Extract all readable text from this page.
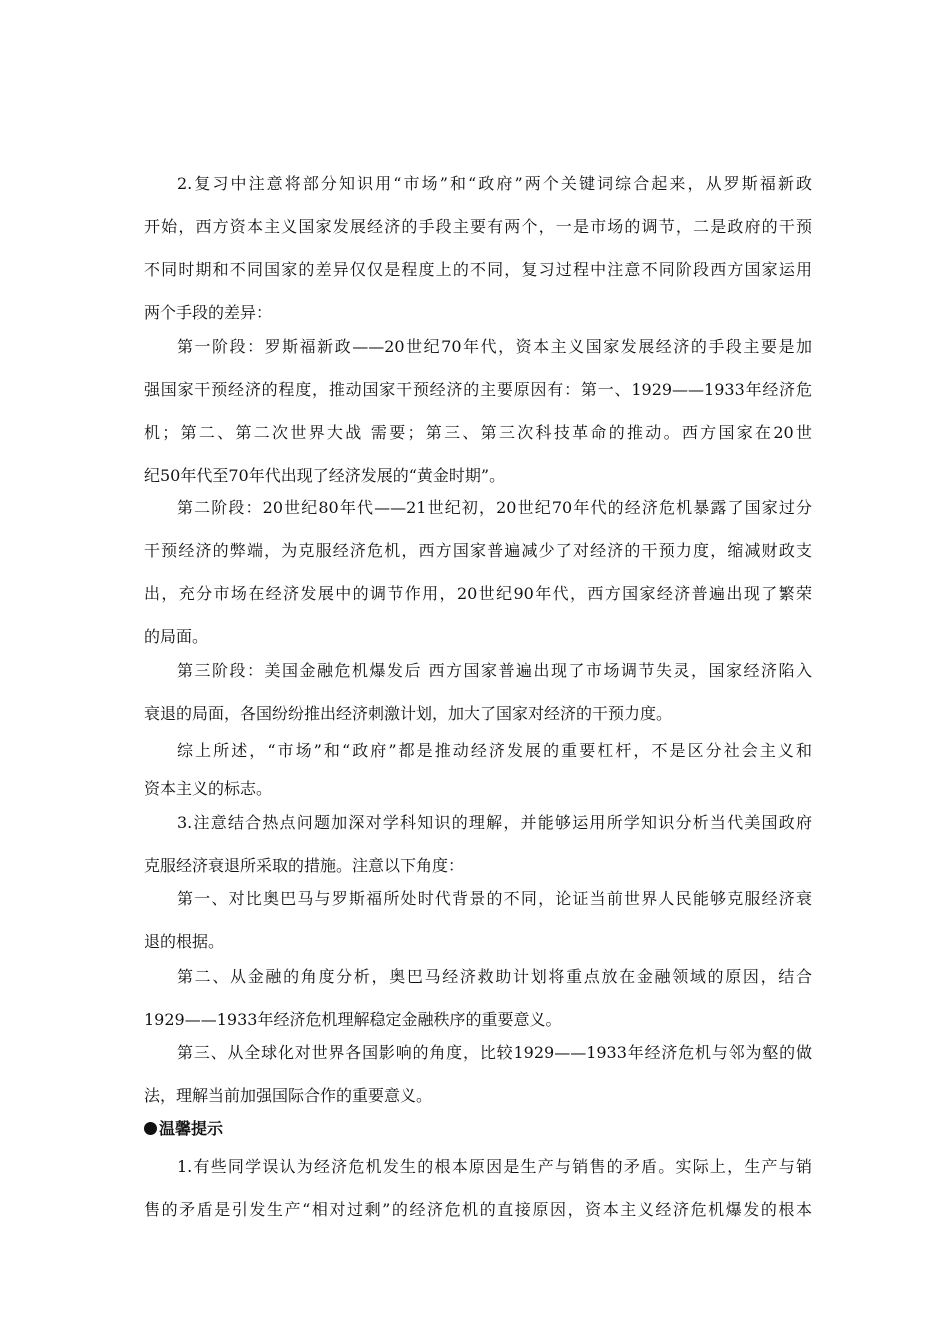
2.复习中注意将部分知识用“市场”和“政府”两个关键词综合起来，从罗斯福新政
开始，西方资本主义国家发展经济的手段主要有两个，一是市场的调节，二是政府的干预
不同时期和不同国家的差异仅仅是程度上的不同，复习过程中注意不同阶段西方国家运用
两个手段的差异：
第一阶段：罗斯福新政——20世纪70年代，资本主义国家发展经济的手段主要是加
强国家干预经济的程度，推动国家干预经济的主要原因有：第一、1929——1933年经济危
机；第二、第二次世界大战 需要；第三、第三次科技革命的推动。西方国家在20世
纪50年代至70年代出现了经济发展的“黄金时期”。
第二阶段：20世纪80年代——21世纪初，20世纪70年代的经济危机暴露了国家过分
干预经济的弊端，为克服经济危机，西方国家普遍减少了对经济的干预力度，缩减财政支
出，充分市场在经济发展中的调节作用，20世纪90年代，西方国家经济普遍出现了繁荣
的局面。
第三阶段：美国金融危机爆发后 西方国家普遍出现了市场调节失灵，国家经济陷入
衰退的局面，各国纷纷推出经济刺激计划，加大了国家对经济的干预力度。
综上所述，“市场”和“政府”都是推动经济发展的重要杠杆，不是区分社会主义和
资本主义的标志。
3.注意结合热点问题加深对学科知识的理解，并能够运用所学知识分析当代美国政府
克服经济衰退所采取的措施。注意以下角度：
第一、对比奥巴马与罗斯福所处时代背景的不同，论证当前世界人民能够克服经济衰
退的根据。
第二、从金融的角度分析，奥巴马经济救助计划将重点放在金融领域的原因，结合
1929——1933年经济危机理解稳定金融秩序的重要意义。
第三、从全球化对世界各国影响的角度，比较1929——1933年经济危机与邻为壑的做
法，理解当前加强国际合作的重要意义。
温馨提示
1.有些同学误认为经济危机发生的根本原因是生产与销售的矛盾。实际上，生产与销
售的矛盾是引发生产“相对过剩”的经济危机的直接原因，资本主义经济危机爆发的根本
